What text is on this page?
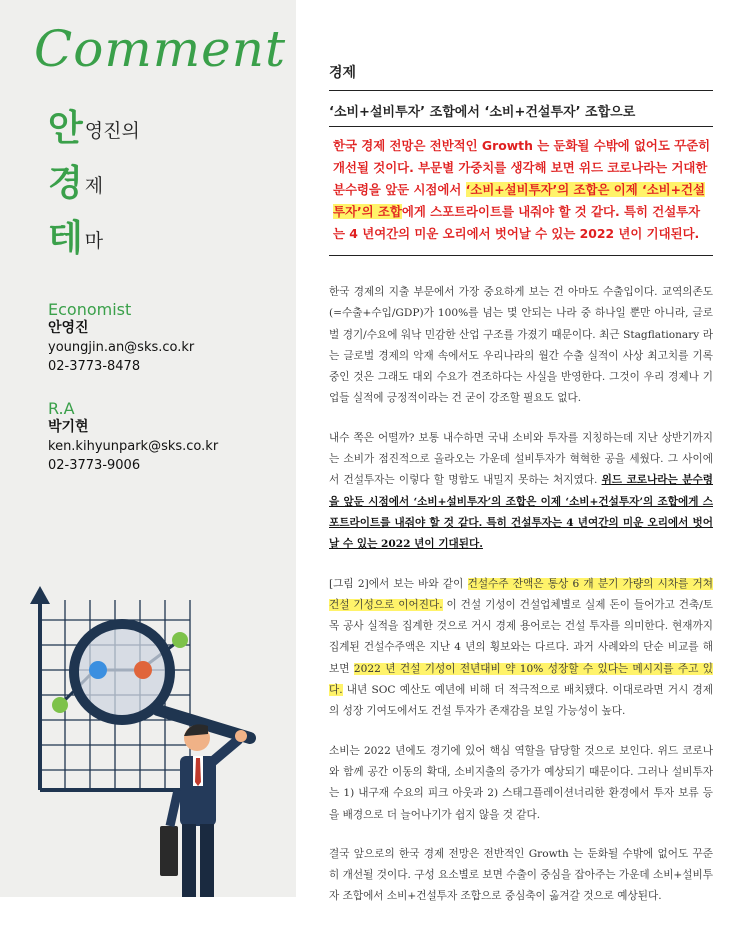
Comment
안영진의
경제
테마
Economist
안영진
youngjin.an@sks.co.kr
02-3773-8478
R.A
박기현
ken.kihyunpark@sks.co.kr
02-3773-9006
경제
‘소비+설비투자’ 조합에서 ‘소비+건설투자’ 조합으로
한국 경제 전망은 전반적인 Growth 는 둔화될 수밖에 없어도 꾸준히 개선될 것이다. 부문별 가중치를 생각해 보면 위드 코로나라는 거대한 분수령을 앞둔 시점에서 ‘소비+설비투자’의 조합은 이제 ‘소비+건설투자’의 조합에게 스포트라이트를 내줘야 할 것 같다. 특히 건설투자는 4 년여간의 미운 오리에서 벗어날 수 있는 2022 년이 기대된다.

한국 경제의 지출 부문에서 가장 중요하게 보는 건 아마도 수출입이다. 교역의존도(=수출+수입/GDP)가 100%를 넘는 몇 안되는 나라 중 하나일 뿐만 아니라, 글로벌 경기/수요에 워낙 민감한 산업 구조를 가졌기 때문이다. 최근 Stagflationary 라는 글로벌 경제의 악재 속에서도 우리나라의 월간 수출 실적이 사상 최고치를 기록 중인 것은 그래도 대외 수요가 견조하다는 사실을 반영한다. 그것이 우리 경제나 기업들 실적에 긍정적이라는 건 굳이 강조할 필요도 없다.

내수 쪽은 어떨까? 보통 내수하면 국내 소비와 투자를 지칭하는데 지난 상반기까지는 소비가 점진적으로 올라오는 가운데 설비투자가 혁혁한 공을 세웠다. 그 사이에서 건설투자는 이렇다 할 명함도 내밀지 못하는 처지였다. 위드 코로나라는 분수령을 앞둔 시점에서 ‘소비+설비투자’의 조합은 이제 ‘소비+건설투자’의 조합에게 스포트라이트를 내줘야 할 것 같다. 특히 건설투자는 4 년여간의 미운 오리에서 벗어날 수 있는 2022 년이 기대된다.

[그림 2]에서 보는 바와 같이 건설수주 잔액은 통상 6 개 분기 가량의 시차를 거쳐 건설 기성으로 이어진다. 이 건설 기성이 건설업체별로 실제 돈이 들어가고 건축/토목 공사 실적을 집계한 것으로 거시 경제 용어로는 건설 투자를 의미한다. 현재까지 집계된 건설수주액은 지난 4 년의 횡보와는 다르다. 과거 사례와의 단순 비교를 해 보면 2022 년 건설 기성이 전년대비 약 10% 성장할 수 있다는 메시지를 주고 있다. 내년 SOC 예산도 예년에 비해 더 적극적으로 배치됐다. 이대로라면 거시 경제의 성장 기여도에서도 건설 투자가 존재감을 보일 가능성이 높다.

소비는 2022 년에도 경기에 있어 핵심 역할을 담당할 것으로 보인다. 위드 코로나와 함께 공간 이동의 확대, 소비지출의 증가가 예상되기 때문이다. 그러나 설비투자는 1) 내구재 수요의 피크 아웃과 2) 스태그플레이션너리한 환경에서 투자 보류 등을 배경으로 더 늘어나기가 쉽지 않을 것 같다.

결국 앞으로의 한국 경제 전망은 전반적인 Growth 는 둔화될 수밖에 없어도 꾸준히 개선될 것이다. 구성 요소별로 보면 수출이 중심을 잡아주는 가운데 소비+설비투자 조합에서 소비+건설투자 조합으로 중심축이 옮겨갈 것으로 예상된다.
